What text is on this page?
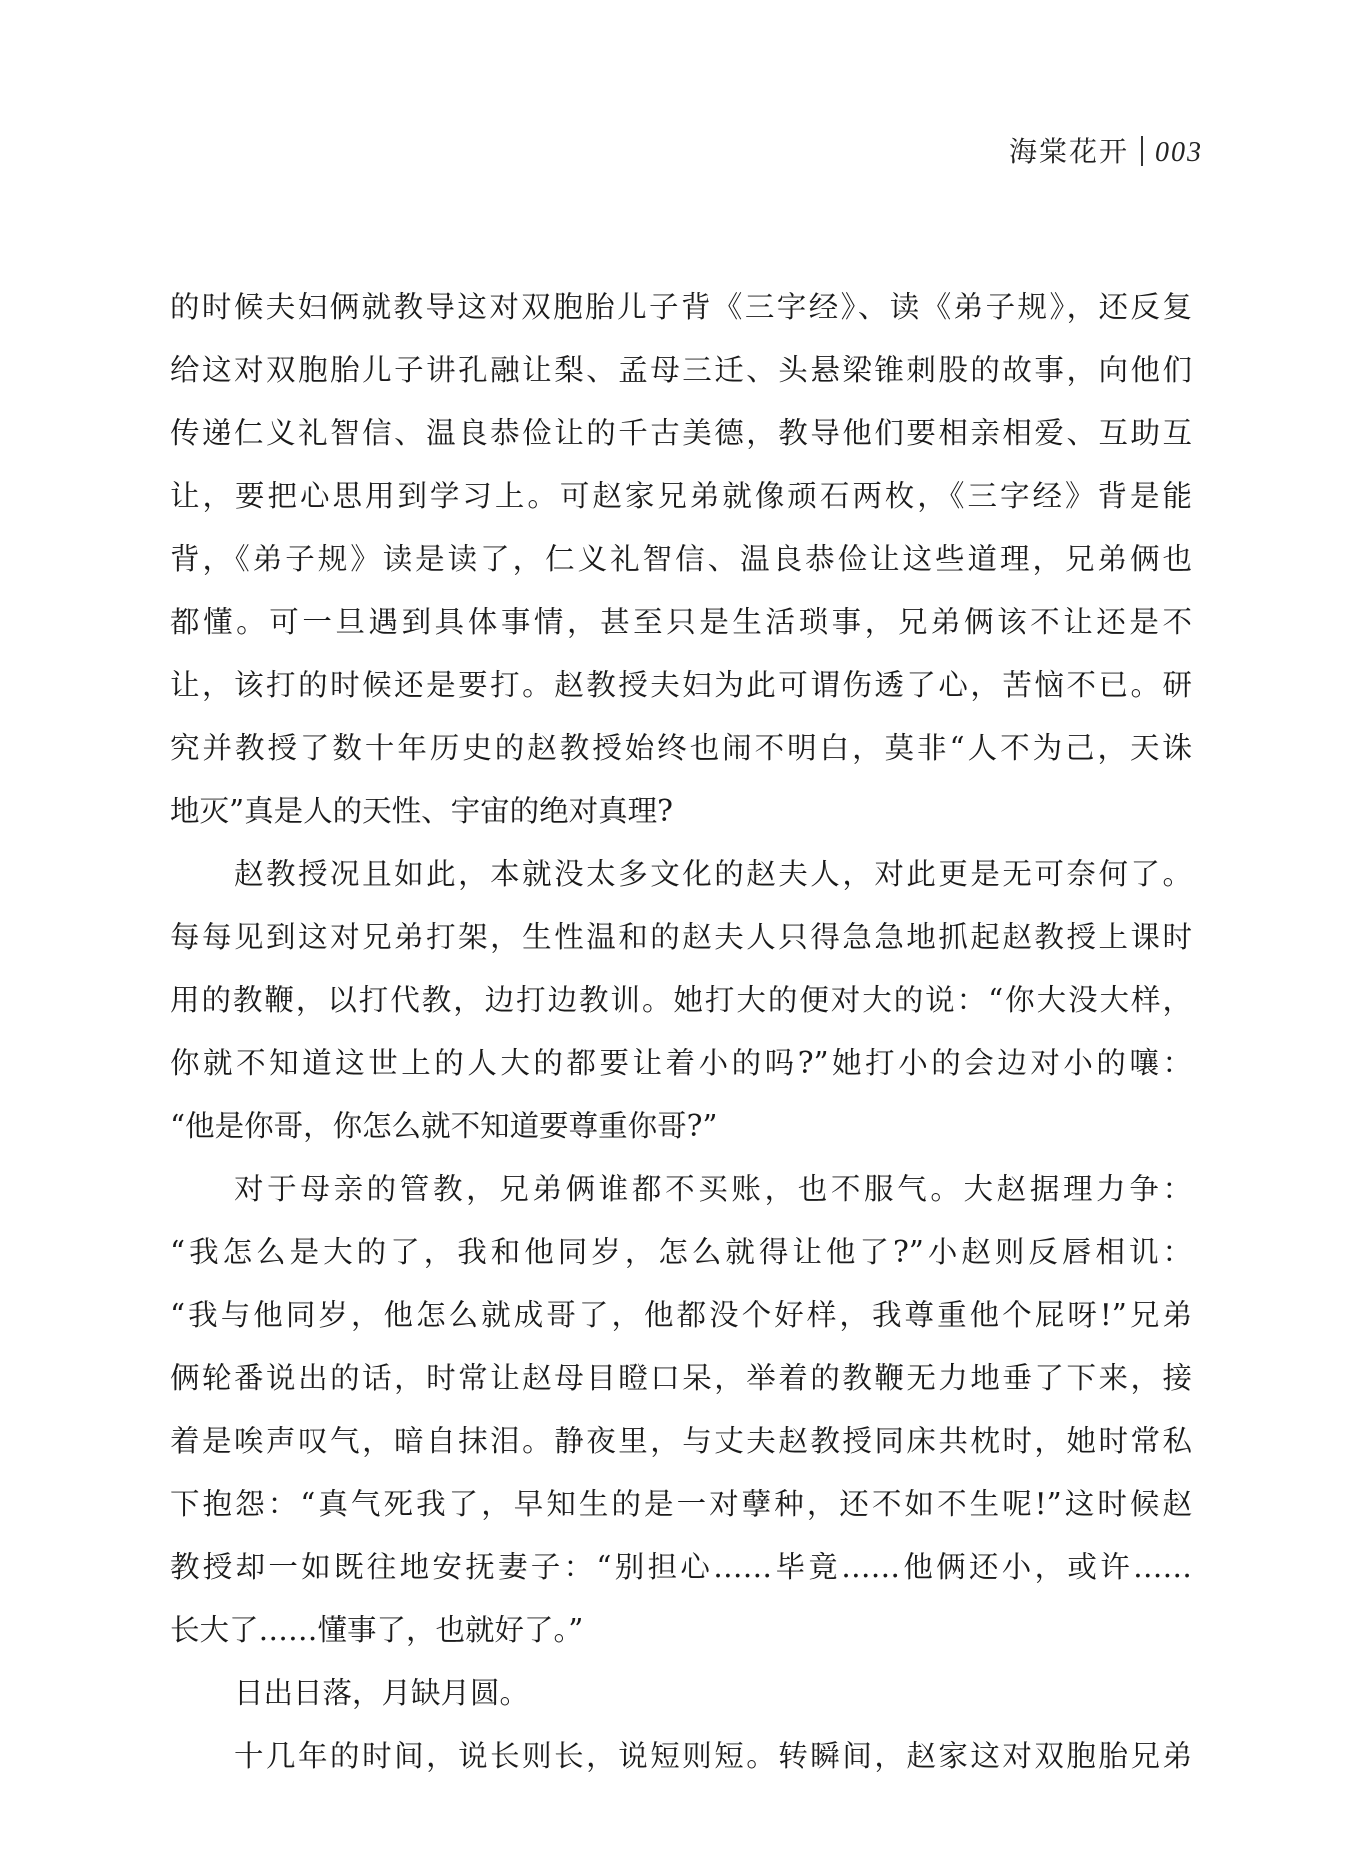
海棠花开 003
的时候夫妇俩就教导这对双胞胎儿子背《三字经》、读《弟子规》，还反复
给这对双胞胎儿子讲孔融让梨、孟母三迁、头悬梁锥刺股的故事，向他们
传递仁义礼智信、温良恭俭让的千古美德，教导他们要相亲相爱、互助互
让，要把心思用到学习上。可赵家兄弟就像顽石两枚，《三字经》背是能
背，《弟子规》读是读了，仁义礼智信、温良恭俭让这些道理，兄弟俩也
都懂。可一旦遇到具体事情，甚至只是生活琐事，兄弟俩该不让还是不
让，该打的时候还是要打。赵教授夫妇为此可谓伤透了心，苦恼不已。研
究并教授了数十年历史的赵教授始终也闹不明白，莫非“人不为己，天诛
地灭”真是人的天性、宇宙的绝对真理?
赵教授况且如此，本就没太多文化的赵夫人，对此更是无可奈何了。
每每见到这对兄弟打架，生性温和的赵夫人只得急急地抓起赵教授上课时
用的教鞭，以打代教，边打边教训。她打大的便对大的说：“你大没大样，
你就不知道这世上的人大的都要让着小的吗?”她打小的会边对小的嚷：
“他是你哥，你怎么就不知道要尊重你哥?”
对于母亲的管教，兄弟俩谁都不买账，也不服气。大赵据理力争：
“我怎么是大的了，我和他同岁，怎么就得让他了?”小赵则反唇相讥：
“我与他同岁，他怎么就成哥了，他都没个好样，我尊重他个屁呀!”兄弟
俩轮番说出的话，时常让赵母目瞪口呆，举着的教鞭无力地垂了下来，接
着是唉声叹气，暗自抹泪。静夜里，与丈夫赵教授同床共枕时，她时常私
下抱怨：“真气死我了，早知生的是一对孽种，还不如不生呢!”这时候赵
教授却一如既往地安抚妻子：“别担心……毕竟……他俩还小，或许……
长大了……懂事了，也就好了。”
日出日落，月缺月圆。
十几年的时间，说长则长，说短则短。转瞬间，赵家这对双胞胎兄弟
